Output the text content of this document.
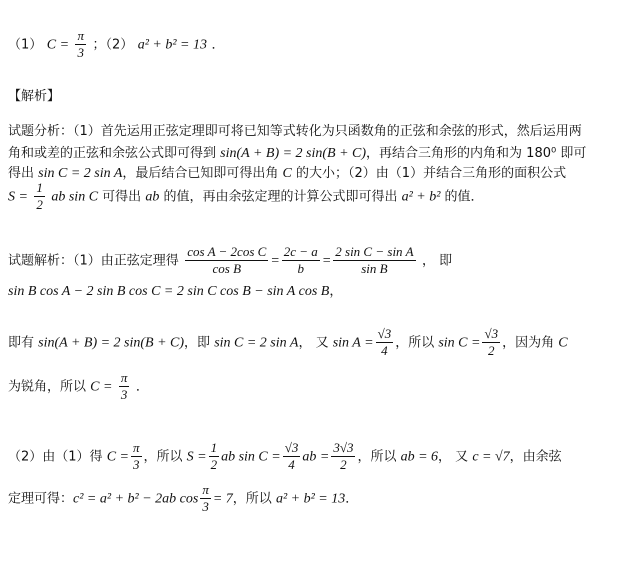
（1） $C = \frac{\pi}{3}$ ；（2） a² + b² = 13 ．
【解析】
试题分析：（1）首先运用正弦定理即可将已知等式转化为只函数角的正弦和余弦的形式，然后运用两
角和或差的正弦和余弦公式即可得到 sin(A + B) = 2 sin(B + C)，再结合三角形的内角和为 180⁰ 即可
得出 sin C = 2 sin A，最后结合已知即可得出角 C 的大小；（2）由（1）并结合三角形的面积公式
$S = \frac{1}{2}$ ab sin C 可得出 ab 的值，再由余弦定理的计算公式即可得出 a² + b² 的值．
试题解析：（1）由正弦定理得 $\frac{\text{cos A − 2cos C}}{\text{cos B}} = \frac{2c - a}{b} = \frac{\text{2 sin C − sin A}}{\text{sin B}}$ ， 即
sin B cos A − 2 sin B cos C = 2 sin C cos B − sin A cos B，
即有 sin(A + B) = 2 sin(B + C)，即 sin C = 2 sin A， 又 $\sin A = \frac{√3}{4}$ ，所以 $\sin C = \frac{√3}{2}$ ，因为角 C
为锐角，所以 $C = \frac{\pi}{3}$ ．
（2）由（1）得 $C = \frac{\pi}{3}$ ，所以 $S = \frac{1}{2}$ ab $\sin C = \frac{√3}{4}$ ab = $\frac{3√3}{2}$ ，所以 ab = 6， 又 c = √7，由余弦
定理可得：c² = a² + b² − 2ab $\cos \frac{\pi}{3} = 7$，所以 a² + b² = 13．
